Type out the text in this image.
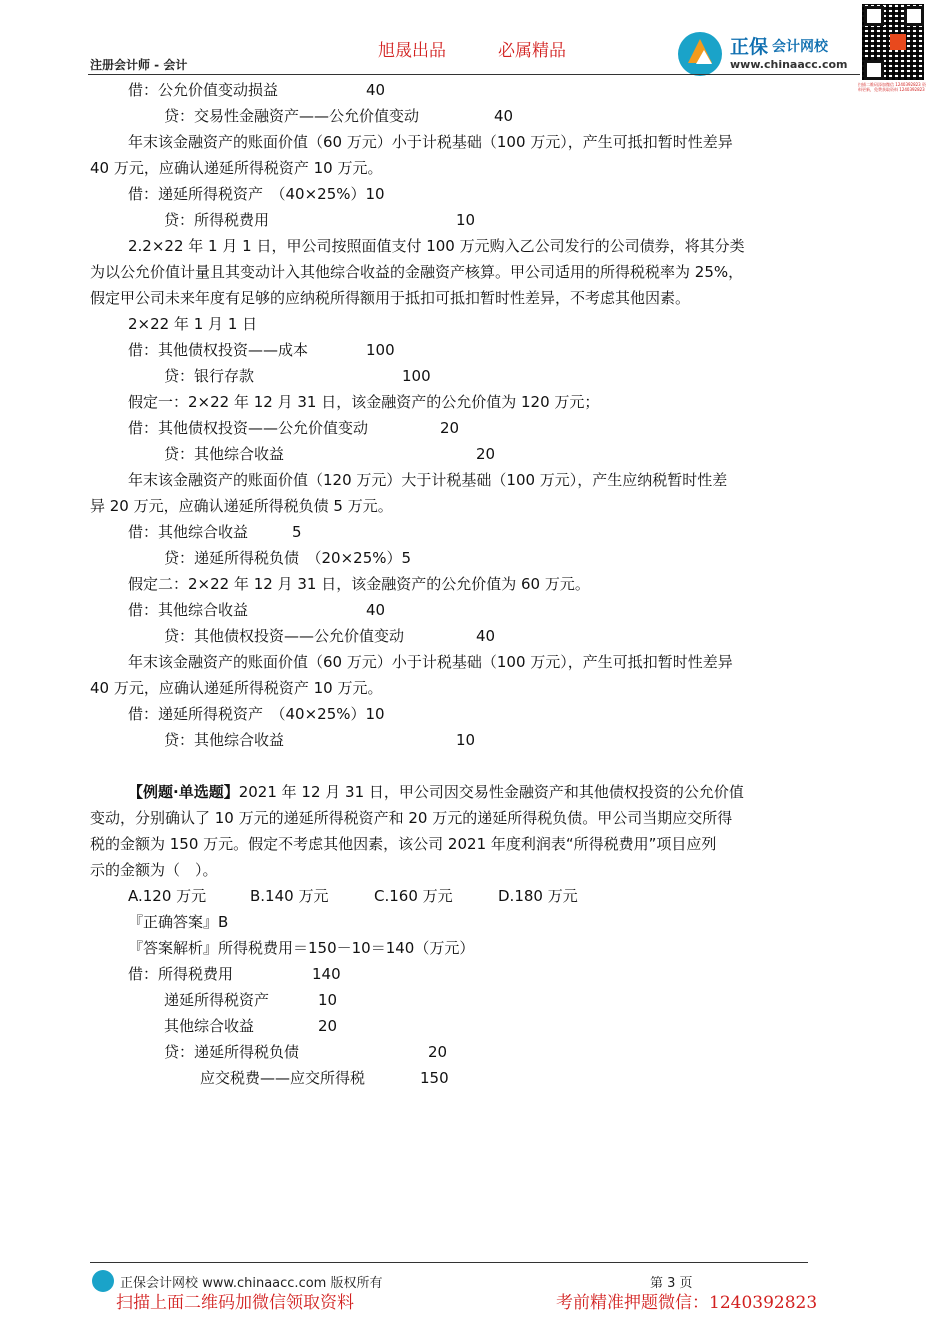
旭晟出品	必属精品
注册会计师 - 会计
正保 会计网校
www.chinaacc.com
扫描二维码添加微信 1240392823 资料更新，免费获取资料 1240392823
借：公允价值变动损益	40
贷：交易性金融资产——公允价值变动	40
年末该金融资产的账面价值（60 万元）小于计税基础（100 万元），产生可抵扣暂时性差异
40 万元，应确认递延所得税资产 10 万元。
借：递延所得税资产　（40×25%）10
贷：所得税费用	10
2.2×22 年 1 月 1 日，甲公司按照面值支付 100 万元购入乙公司发行的公司债券，将其分类
为以公允价值计量且其变动计入其他综合收益的金融资产核算。甲公司适用的所得税税率为 25%，
假定甲公司未来年度有足够的应纳税所得额用于抵扣可抵扣暂时性差异，不考虑其他因素。
2×22 年 1 月 1 日
借：其他债权投资——成本	100
贷：银行存款	100
假定一：2×22 年 12 月 31 日，该金融资产的公允价值为 120 万元；
借：其他债权投资——公允价值变动	20
贷：其他综合收益	20
年末该金融资产的账面价值（120 万元）大于计税基础（100 万元），产生应纳税暂时性差
异 20 万元，应确认递延所得税负债 5 万元。
借：其他综合收益	5
贷：递延所得税负债　（20×25%）5
假定二：2×22 年 12 月 31 日，该金融资产的公允价值为 60 万元。
借：其他综合收益	40
贷：其他债权投资——公允价值变动	40
年末该金融资产的账面价值（60 万元）小于计税基础（100 万元），产生可抵扣暂时性差异
40 万元，应确认递延所得税资产 10 万元。
借：递延所得税资产　（40×25%）10
贷：其他综合收益	10
【例题·单选题】2021 年 12 月 31 日，甲公司因交易性金融资产和其他债权投资的公允价值
变动，分别确认了 10 万元的递延所得税资产和 20 万元的递延所得税负债。甲公司当期应交所得
税的金额为 150 万元。假定不考虑其他因素，该公司 2021 年度利润表“所得税费用”项目应列
示的金额为（　）。
A.120 万元	B.140 万元	C.160 万元	D.180 万元
『正确答案』B
『答案解析』所得税费用＝150－10＝140（万元）
借：所得税费用	140
递延所得税资产	10
其他综合收益	20
贷：递延所得税负债	20
应交税费——应交所得税	150
正保会计网校 www.chinaacc.com 版权所有	第 3 页
扫描上面二维码加微信领取资料	考前精准押题微信：1240392823
